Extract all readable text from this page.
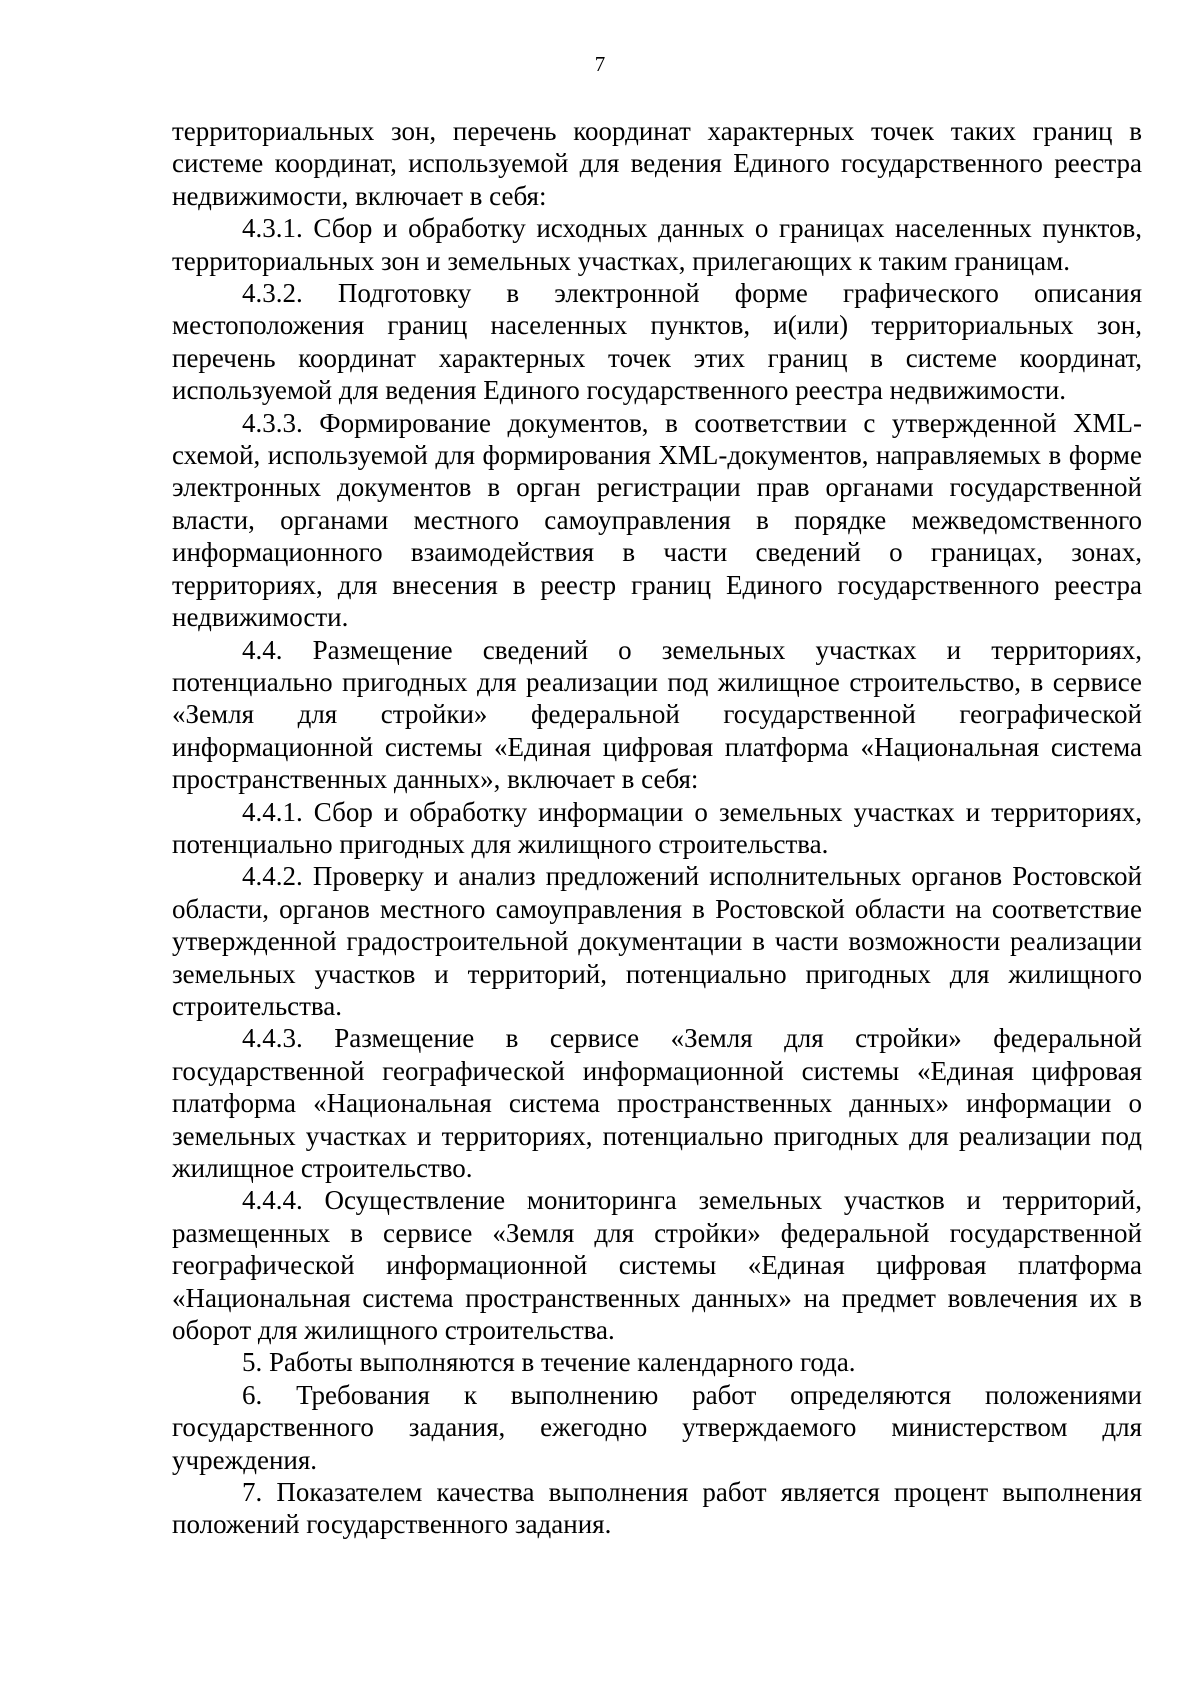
7

территориальных зон, перечень координат характерных точек таких границ в системе координат, используемой для ведения Единого государственного реестра недвижимости, включает в себя:

4.3.1. Сбор и обработку исходных данных о границах населенных пунктов, территориальных зон и земельных участках, прилегающих к таким границам.

4.3.2. Подготовку в электронной форме графического описания местоположения границ населенных пунктов, и(или) территориальных зон, перечень координат характерных точек этих границ в системе координат, используемой для ведения Единого государственного реестра недвижимости.

4.3.3. Формирование документов, в соответствии с утвержденной XML-схемой, используемой для формирования XML-документов, направляемых в форме электронных документов в орган регистрации прав органами государственной власти, органами местного самоуправления в порядке межведомственного информационного взаимодействия в части сведений о границах, зонах, территориях, для внесения в реестр границ Единого государственного реестра недвижимости.

4.4. Размещение сведений о земельных участках и территориях, потенциально пригодных для реализации под жилищное строительство, в сервисе «Земля для стройки» федеральной государственной географической информационной системы «Единая цифровая платформа «Национальная система пространственных данных», включает в себя:

4.4.1. Сбор и обработку информации о земельных участках и территориях, потенциально пригодных для жилищного строительства.

4.4.2. Проверку и анализ предложений исполнительных органов Ростовской области, органов местного самоуправления в Ростовской области на соответствие утвержденной градостроительной документации в части возможности реализации земельных участков и территорий, потенциально пригодных для жилищного строительства.

4.4.3. Размещение в сервисе «Земля для стройки» федеральной государственной географической информационной системы «Единая цифровая платформа «Национальная система пространственных данных» информации о земельных участках и территориях, потенциально пригодных для реализации под жилищное строительство.

4.4.4. Осуществление мониторинга земельных участков и территорий, размещенных в сервисе «Земля для стройки» федеральной государственной географической информационной системы «Единая цифровая платформа «Национальная система пространственных данных» на предмет вовлечения их в оборот для жилищного строительства.

5. Работы выполняются в течение календарного года.

6. Требования к выполнению работ определяются положениями государственного задания, ежегодно утверждаемого министерством для учреждения.

7. Показателем качества выполнения работ является процент выполнения положений государственного задания.
